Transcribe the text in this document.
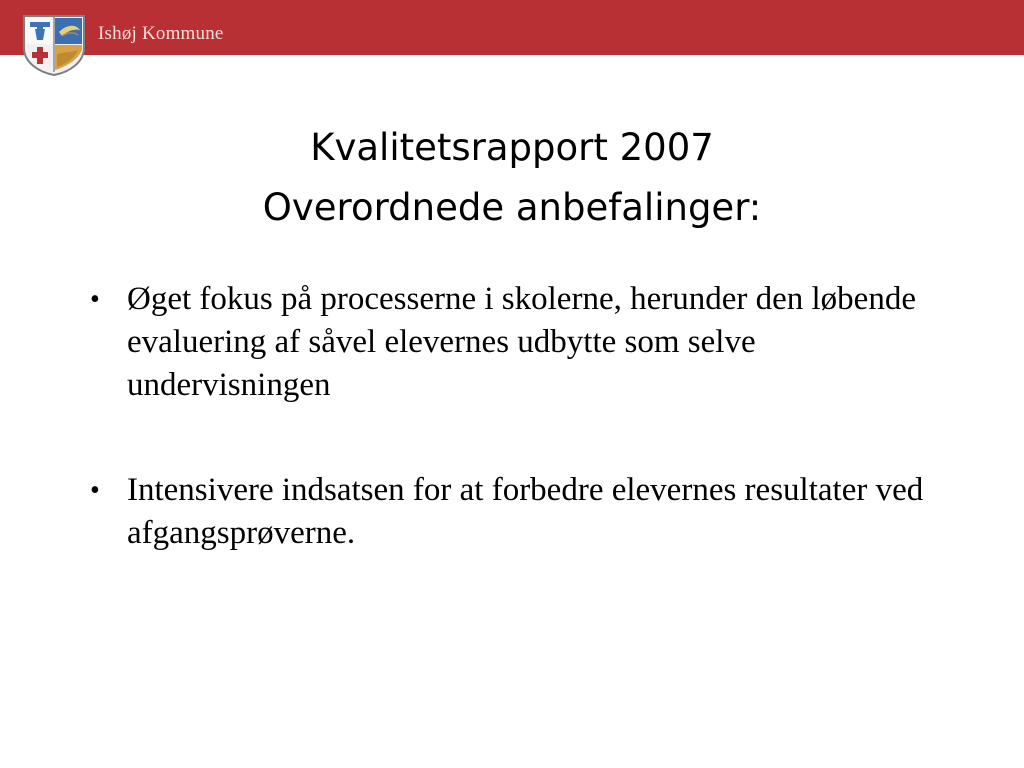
Ishøj Kommune
Kvalitetsrapport 2007
Overordnede anbefalinger:
• Øget fokus på processerne i skolerne, herunder den løbende evaluering af såvel elevernes udbytte som selve undervisningen
• Intensivere indsatsen for at forbedre elevernes resultater ved afgangsprøverne.
